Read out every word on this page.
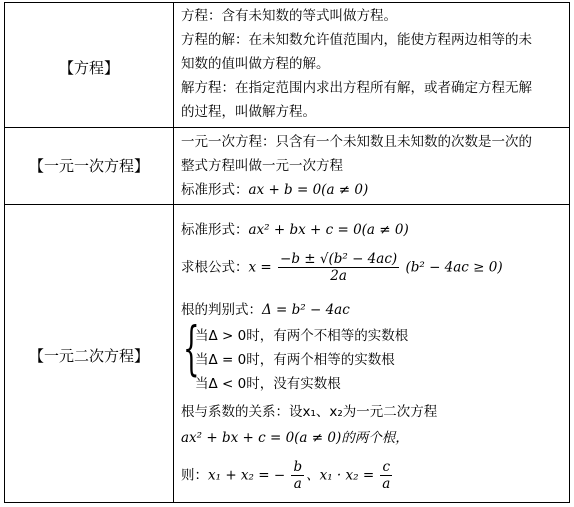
【方程】
方程：含有未知数的等式叫做方程。
方程的解：在未知数允许值范围内，能使方程两边相等的未
知数的值叫做方程的解。
解方程：在指定范围内求出方程所有解，或者确定方程无解
的过程，叫做解方程。
【一元一次方程】
一元一次方程：只含有一个未知数且未知数的次数是一次的
整式方程叫做一元一次方程
标准形式：ax + b = 0(a ≠ 0)
【一元二次方程】
标准形式：ax² + bx + c = 0(a ≠ 0)
求根公式：$x = \frac{\text{−b ± √(b² − 4ac)}}{2a} (b^2 - 4ac \ge 0)$
根的判别式：Δ = b² − 4ac
{
当Δ > 0时，有两个不相等的实数根
当Δ = 0时，有两个相等的实数根
当Δ < 0时，没有实数根
根与系数的关系：设x₁、x₂为一元二次方程
ax² + bx + c = 0(a ≠ 0)的两个根，
则：x₁ + x₂ = − $\frac{b}{a}$ 、$x_1 \cdot x_2 = \frac{c}{a}$
